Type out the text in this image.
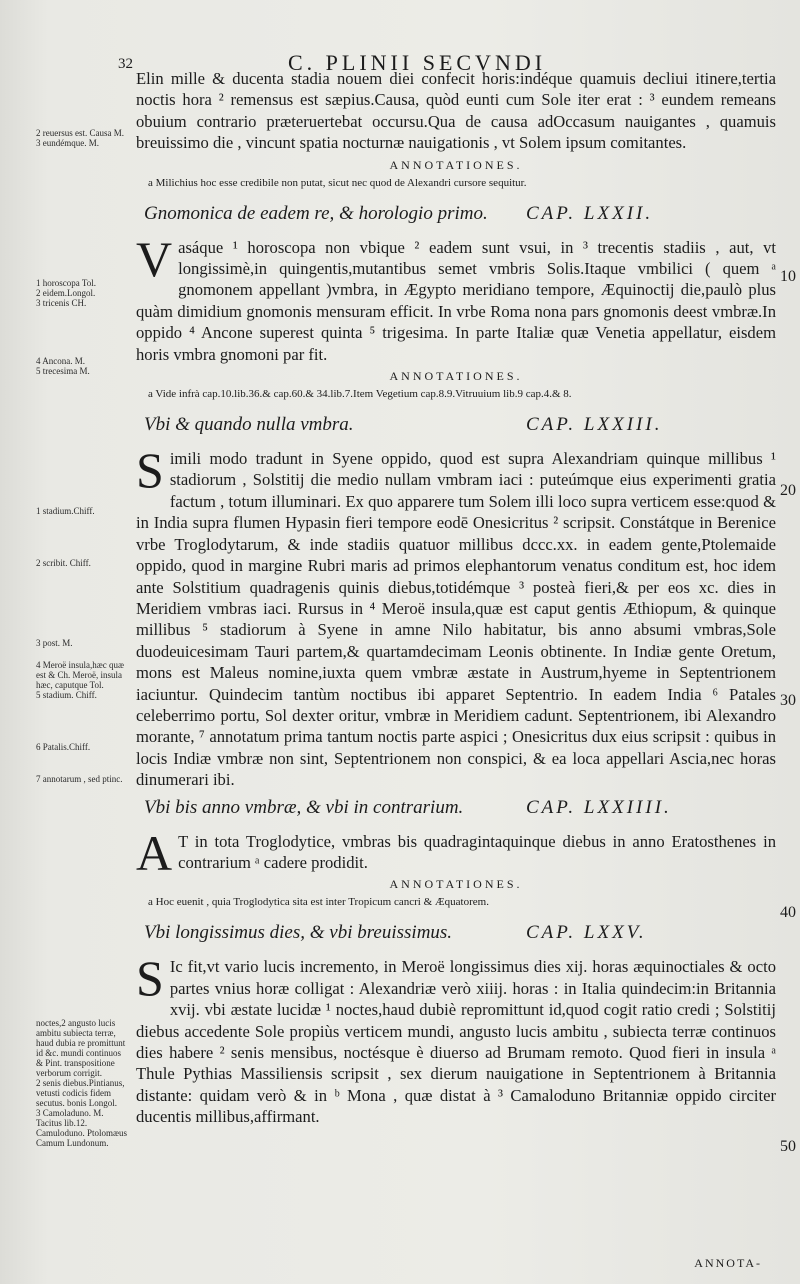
32	C. PLINII SECVNDI
2 reuersus est. Causa M.
3 eundémque. M.
1 horoscopa Tol.
2 eidem.Longol.
3 tricenis CH.
4 Ancona. M.
5 trecesima M.
1 stadium.Chiff.
2 scribit. Chiff.
3 post. M.
4 Meroë insula,hæc quæ est & Ch. Meroë, insula hæc, caputque Tol.
5 stadium. Chiff.
6 Patalis.Chiff.
7 annotarum , sed ptinc.
noctes,2 angusto lucis ambitu subiecta terræ, haud dubia re promittunt id &c. mundi continuos & Pint. transpositione verborum corrigit.
2 senis diebus.Pintianus, vetusti codicis fidem secutus. bonis Longol.
3 Camoladuno. M. Tacitus lib.12. Camuloduno. Ptolomæus Camum Lundonum.
10
20
30
40
50

Elin mille & ducenta stadia nouem diei confecit horis:indéque quamuis decliui itinere,tertia noctis hora ² remensus est sæpius.Causa, quòd eunti cum Sole iter erat : ³ eundem remeans obuium contrario præteruertebat occursu.Qua de causa adOccasum nauigantes , quamuis breuissimo die , vincunt spatia nocturnæ nauigationis , vt Solem ipsum comitantes.

ANNOTATIONES.
a Milichius hoc esse credibile non putat, sicut nec quod de Alexandri cursore sequitur.
Gnomonica de eadem re, & horologio primo. CAP. LXXII.

Vasáque ¹ horoscopa non vbique ² eadem sunt vsui, in ³ trecentis stadiis , aut, vt longissimè,in quingentis,mutantibus semet vmbris Solis.Itaque vmbilici ( quem ᵃ gnomonem appellant )vmbra, in Ægypto meridiano tempore, Æquinoctij die,paulò plus quàm dimidium gnomonis mensuram efficit. In vrbe Roma nona pars gnomonis deest vmbræ.In oppido ⁴ Ancone superest quinta ⁵ trigesima. In parte Italiæ quæ Venetia appellatur, eisdem horis vmbra gnomoni par fit.

ANNOTATIONES.
a Vide infrà cap.10.lib.36.& cap.60.& 34.lib.7.Item Vegetium cap.8.9.Vitruuium lib.9 cap.4.& 8.
Vbi & quando nulla vmbra.	CAP. LXXIII.

Simili modo tradunt in Syene oppido, quod est supra Alexandriam quinque millibus ¹ stadiorum , Solstitij die medio nullam vmbram iaci : puteúmque eius experimenti gratia factum , totum illuminari. Ex quo apparere tum Solem illi loco supra verticem esse:quod & in India supra flumen Hypasin fieri tempore eodē Onesicritus ² scripsit. Constátque in Berenice vrbe Troglodytarum, & inde stadiis quatuor millibus dccc.xx. in eadem gente,Ptolemaide oppido, quod in margine Rubri maris ad primos elephantorum venatus conditum est, hoc idem ante Solstitium quadragenis quinis diebus,totidémque ³ posteà fieri,& per eos xc. dies in Meridiem vmbras iaci. Rursus in ⁴ Meroë insula,quæ est caput gentis Æthiopum, & quinque millibus ⁵ stadiorum à Syene in amne Nilo habitatur, bis anno absumi vmbras,Sole duodeuicesimam Tauri partem,& quartamdecimam Leonis obtinente. In Indiæ gente Oretum, mons est Maleus nomine,iuxta quem vmbræ æstate in Austrum,hyeme in Septentrionem iaciuntur. Quindecim tantùm noctibus ibi apparet Septentrio. In eadem India ⁶ Patales celeberrimo portu, Sol dexter oritur, vmbræ in Meridiem cadunt. Septentrionem, ibi Alexandro morante, ⁷ annotatum prima tantum noctis parte aspici ; Onesicritus dux eius scripsit : quibus in locis Indiæ vmbræ non sint, Septentrionem non conspici, & ea loca appellari Ascia,nec horas dinumerari ibi.

Vbi bis anno vmbræ, & vbi in contrarium.	CAP. LXXIIII.

A T in tota Troglodytice, vmbras bis quadragintaquinque diebus in anno Eratosthenes in contrarium ᵃ cadere prodidit.

ANNOTATIONES.
a Hoc euenit , quia Troglodytica sita est inter Tropicum cancri & Æquatorem.
Vbi longissimus dies, & vbi breuissimus.	CAP. LXXV.

S Ic fit,vt vario lucis incremento, in Meroë longissimus dies xij. horas æquinoctiales & octo partes vnius horæ colligat : Alexandriæ verò xiiij. horas : in Italia quindecim:in Britannia xvij. vbi æstate lucidæ ¹ noctes,haud dubiè repromittunt id,quod cogit ratio credi ; Solstitij diebus accedente Sole propiùs verticem mundi, angusto lucis ambitu , subiecta terræ continuos dies habere ² senis mensibus, noctésque è diuerso ad Brumam remoto. Quod fieri in insula ᵃ Thule Pythias Massiliensis scripsit , sex dierum nauigatione in Septentrionem à Britannia distante: quidam verò & in ᵇ Mona , quæ distat à ³ Camaloduno Britanniæ oppido circiter ducentis millibus,affirmant.

ANNOTA-
